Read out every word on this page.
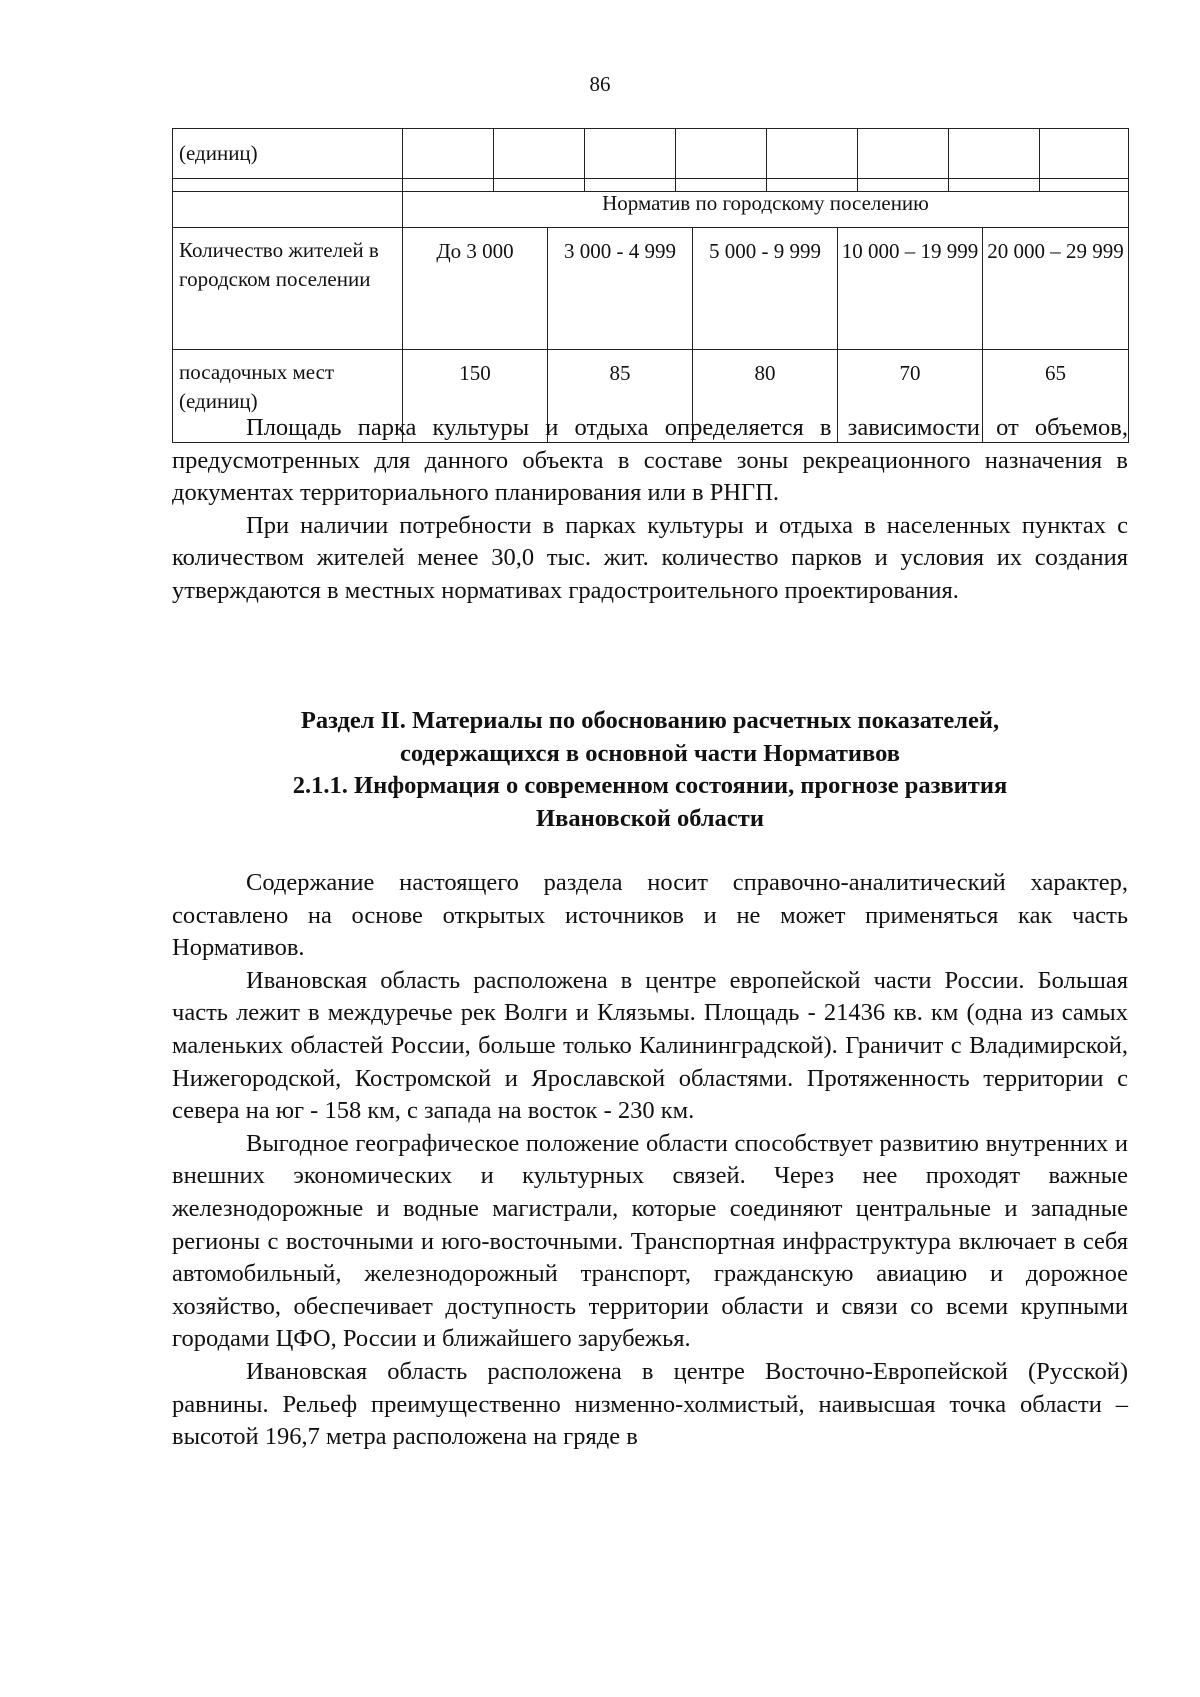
86
(единиц)								
	Норматив по городскому поселению				
Количество жителей в городском поселении	До 3 000	3 000 - 4 999	5 000 - 9 999	10 000 – 19 999	20 000 – 29 999
посадочных мест (единиц)	150	85	80	70	65

Площадь парка культуры и отдыха определяется в зависимости от объемов, предусмотренных для данного объекта в составе зоны рекреационного назначения в документах территориального планирования или в РНГП.

При наличии потребности в парках культуры и отдыха в населенных пунктах с количеством жителей менее 30,0 тыс. жит. количество парков и условия их создания утверждаются в местных нормативах градостроительного проектирования.

Раздел II. Материалы по обоснованию расчетных показателей,
содержащихся в основной части Нормативов
2.1.1. Информация о современном состоянии, прогнозе развития
Ивановской области

Содержание настоящего раздела носит справочно-аналитический характер, составлено на основе открытых источников и не может применяться как часть Нормативов.

Ивановская область расположена в центре европейской части России. Большая часть лежит в междуречье рек Волги и Клязьмы. Площадь - 21436 кв. км (одна из самых маленьких областей России, больше только Калининградской). Граничит с Владимирской, Нижегородской, Костромской и Ярославской областями. Протяженность территории с севера на юг - 158 км, с запада на восток - 230 км.

Выгодное географическое положение области способствует развитию внутренних и внешних экономических и культурных связей. Через нее проходят важные железнодорожные и водные магистрали, которые соединяют центральные и западные регионы с восточными и юго-восточными. Транспортная инфраструктура включает в себя автомобильный, железнодорожный транспорт, гражданскую авиацию и дорожное хозяйство, обеспечивает доступность территории области и связи со всеми крупными городами ЦФО, России и ближайшего зарубежья.

Ивановская область расположена в центре Восточно-Европейской (Русской) равнины. Рельеф преимущественно низменно-холмистый, наивысшая точка области – высотой 196,7 метра расположена на гряде в
